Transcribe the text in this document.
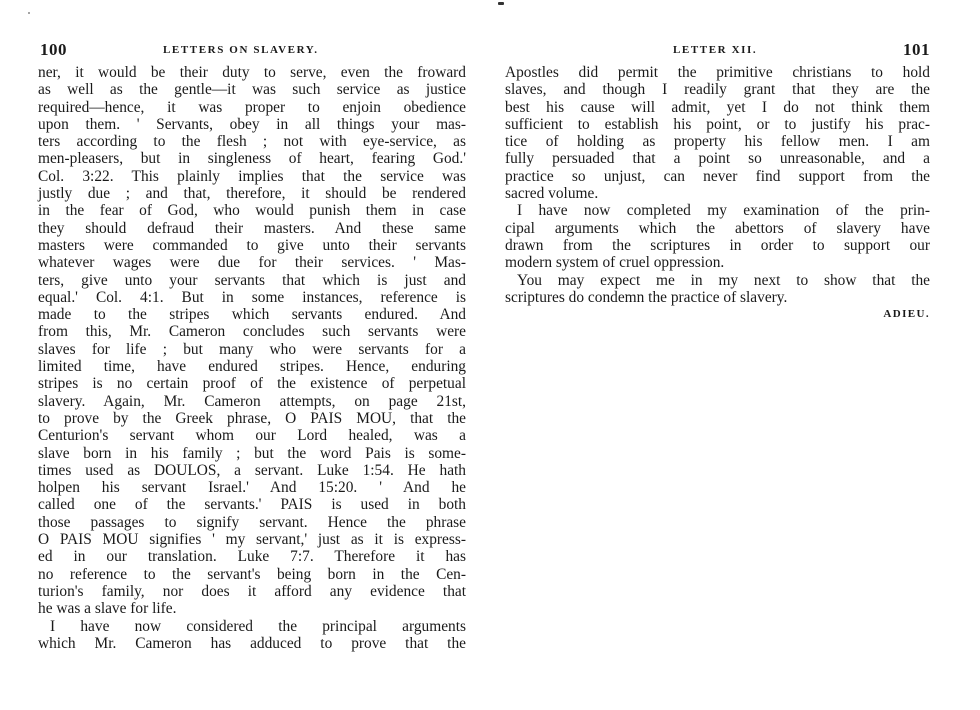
100	LETTERS ON SLAVERY.
ner, it would be their duty to serve, even the froward
as well as the gentle—it was such service as justice
required—hence, it was proper to enjoin obedience
upon them. ' Servants, obey in all things your mas-
ters according to the flesh ; not with eye-service, as
men-pleasers, but in singleness of heart, fearing God.'
Col. 3:22. This plainly implies that the service was
justly due ; and that, therefore, it should be rendered
in the fear of God, who would punish them in case
they should defraud their masters. And these same
masters were commanded to give unto their servants
whatever wages were due for their services. ' Mas-
ters, give unto your servants that which is just and
equal.' Col. 4:1. But in some instances, reference is
made to the stripes which servants endured. And
from this, Mr. Cameron concludes such servants were
slaves for life ; but many who were servants for a
limited time, have endured stripes. Hence, enduring
stripes is no certain proof of the existence of perpetual
slavery. Again, Mr. Cameron attempts, on page 21st,
to prove by the Greek phrase, O PAIS MOU, that the
Centurion's servant whom our Lord healed, was a
slave born in his family ; but the word Pais is some-
times used as DOULOS, a servant. Luke 1:54. He hath
holpen his servant Israel.' And 15:20. ' And he
called one of the servants.' PAIS is used in both
those passages to signify servant. Hence the phrase
O PAIS MOU signifies ' my servant,' just as it is express-
ed in our translation. Luke 7:7. Therefore it has
no reference to the servant's being born in the Cen-
turion's family, nor does it afford any evidence that
he was a slave for life.
I have now considered the principal arguments
which Mr. Cameron has adduced to prove that the
LETTER XII.	101
Apostles did permit the primitive christians to hold
slaves, and though I readily grant that they are the
best his cause will admit, yet I do not think them
sufficient to establish his point, or to justify his prac-
tice of holding as property his fellow men. I am
fully persuaded that a point so unreasonable, and a
practice so unjust, can never find support from the
sacred volume.
I have now completed my examination of the prin-
cipal arguments which the abettors of slavery have
drawn from the scriptures in order to support our
modern system of cruel oppression.
You may expect me in my next to show that the
scriptures do condemn the practice of slavery.
ADIEU.
